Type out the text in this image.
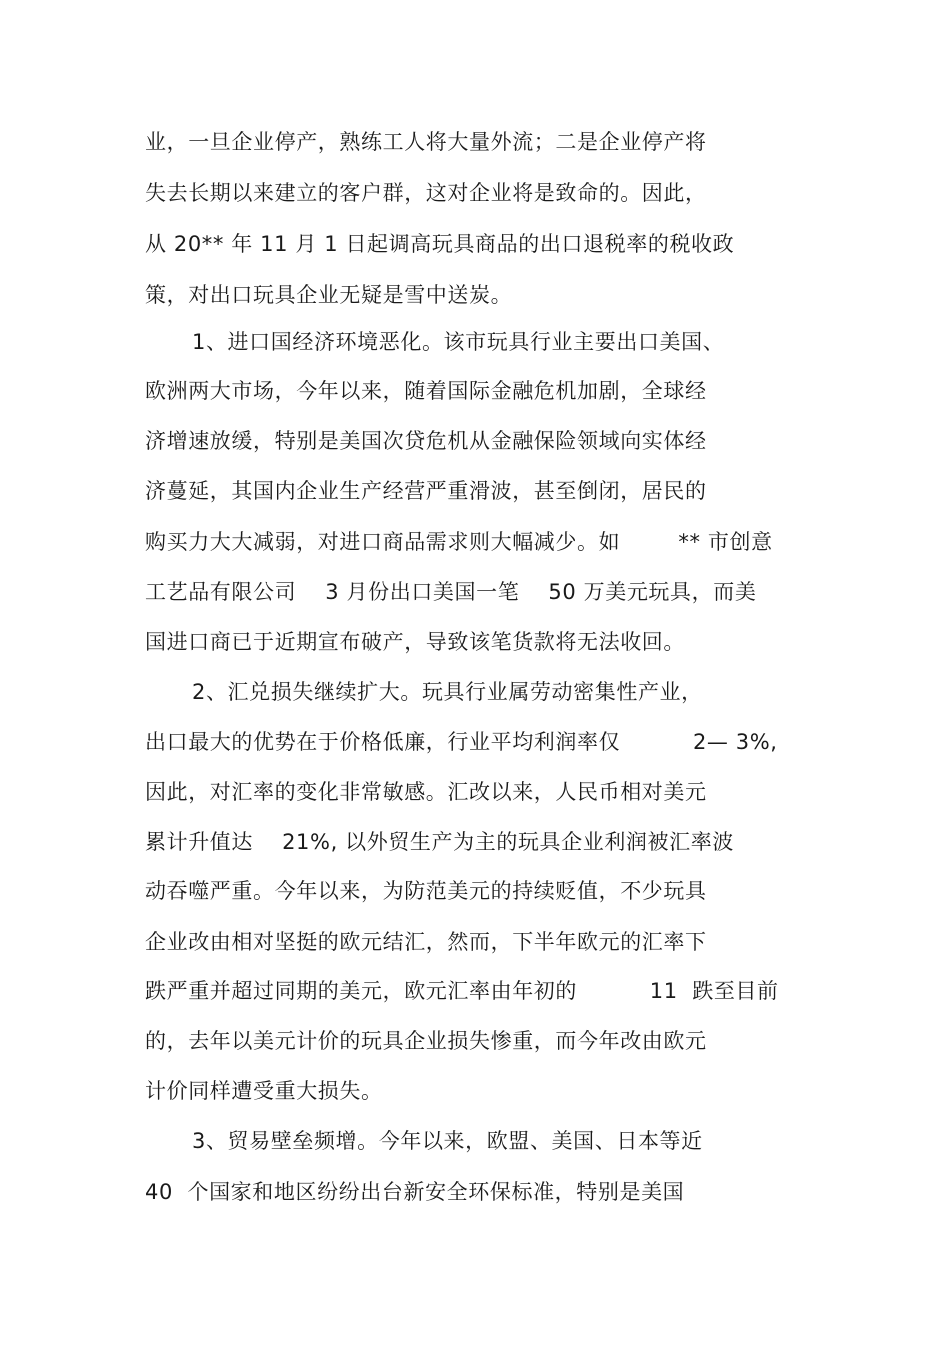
业，一旦企业停产，熟练工人将大量外流；二是企业停产将
失去长期以来建立的客户群，这对企业将是致命的。因此，
从 20** 年 11 月 1 日起调高玩具商品的出口退税率的税收政
策，对出口玩具企业无疑是雪中送炭。
1、进口国经济环境恶化。该市玩具行业主要出口美国、
欧洲两大市场，今年以来，随着国际金融危机加剧，全球经
济增速放缓，特别是美国次贷危机从金融保险领域向实体经
济蔓延，其国内企业生产经营严重滑波，甚至倒闭，居民的
购买力大大减弱，对进口商品需求则大幅减少。如        ** 市创意
工艺品有限公司    3 月份出口美国一笔    50 万美元玩具，而美
国进口商已于近期宣布破产，导致该笔货款将无法收回。
2、汇兑损失继续扩大。玩具行业属劳动密集性产业，
出口最大的优势在于价格低廉，行业平均利润率仅          2— 3%,
因此，对汇率的变化非常敏感。汇改以来，人民币相对美元
累计升值达    21%, 以外贸生产为主的玩具企业利润被汇率波
动吞噬严重。今年以来，为防范美元的持续贬值，不少玩具
企业改由相对坚挺的欧元结汇，然而，下半年欧元的汇率下
跌严重并超过同期的美元，欧元汇率由年初的          11  跌至目前
的，去年以美元计价的玩具企业损失惨重，而今年改由欧元
计价同样遭受重大损失。
3、贸易壁垒频增。今年以来，欧盟、美国、日本等近
40  个国家和地区纷纷出台新安全环保标准，特别是美国
